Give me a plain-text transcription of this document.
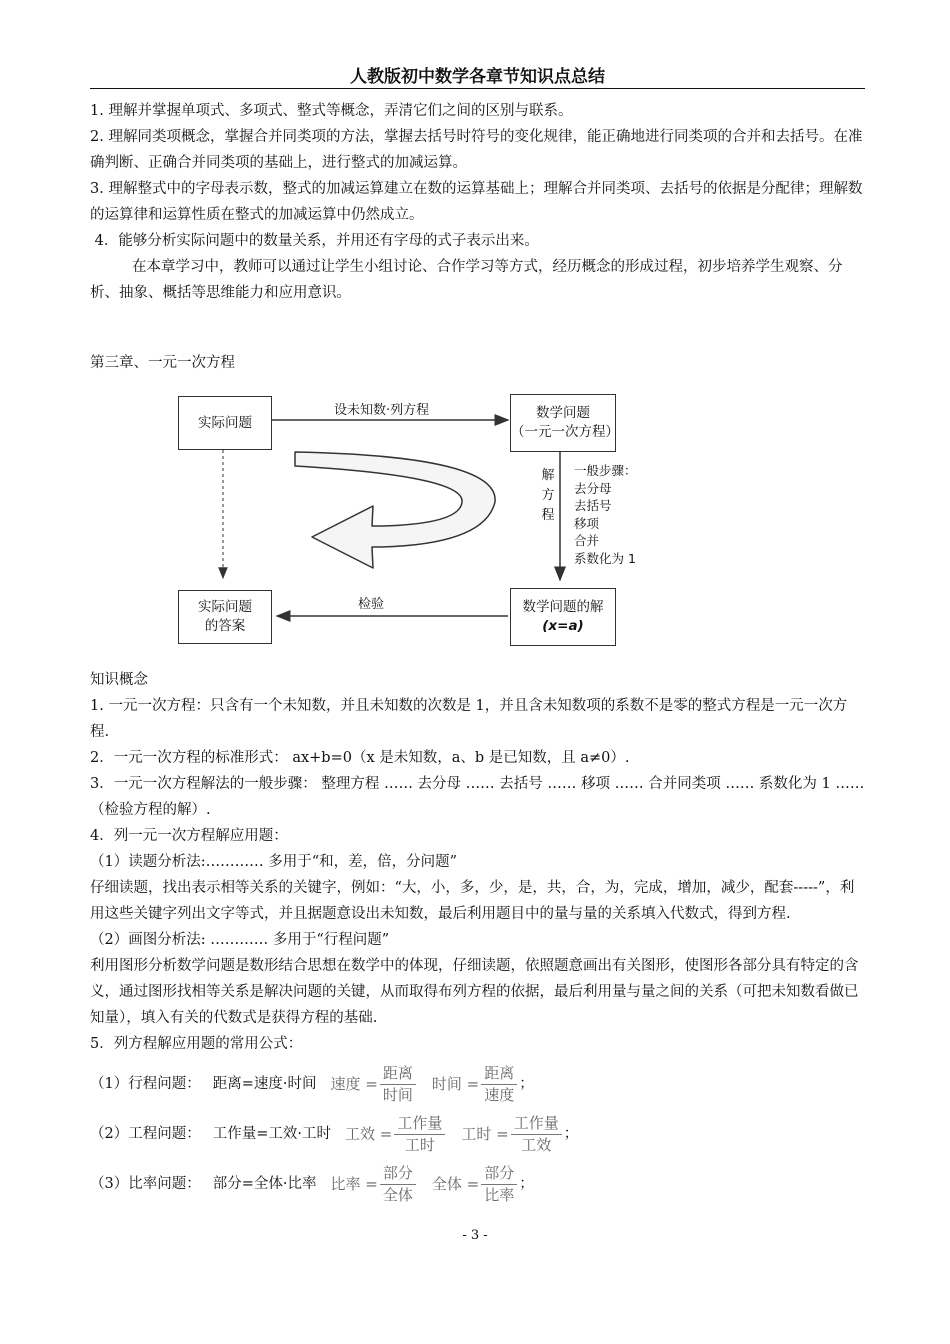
人教版初中数学各章节知识点总结

1. 理解并掌握单项式、多项式、整式等概念，弄清它们之间的区别与联系。

2. 理解同类项概念，掌握合并同类项的方法，掌握去括号时符号的变化规律，能正确地进行同类项的合并和去括号。在准确判断、正确合并同类项的基础上，进行整式的加减运算。

3. 理解整式中的字母表示数，整式的加减运算建立在数的运算基础上；理解合并同类项、去括号的依据是分配律；理解数的运算律和运算性质在整式的加减运算中仍然成立。

4．能够分析实际问题中的数量关系，并用还有字母的式子表示出来。

在本章学习中，教师可以通过让学生小组讨论、合作学习等方式，经历概念的形成过程，初步培养学生观察、分析、抽象、概括等思维能力和应用意识。

第三章、一元一次方程

实际问题
数学问题
（一元一次方程）
实际问题
的答案
数学问题的解
(x=a)
设未知数·列方程
检验
解
方
程
一般步骤：
去分母
去括号
移项
合并
系数化为 1

知识概念

1. 一元一次方程：只含有一个未知数，并且未知数的次数是 1，并且含未知数项的系数不是零的整式方程是一元一次方程.

2．一元一次方程的标准形式： ax+b=0（x 是未知数，a、b 是已知数，且 a≠0）.

3．一元一次方程解法的一般步骤： 整理方程 …… 去分母 …… 去括号 …… 移项 …… 合并同类项 …… 系数化为 1 …… （检验方程的解）.

4．列一元一次方程解应用题：

（1）读题分析法:………… 多用于“和，差，倍，分问题”

仔细读题，找出表示相等关系的关键字，例如：“大，小，多，少，是，共，合，为，完成，增加，减少，配套-----”，利用这些关键字列出文字等式，并且据题意设出未知数，最后利用题目中的量与量的关系填入代数式，得到方程.

（2）画图分析法: ………… 多用于“行程问题”

利用图形分析数学问题是数形结合思想在数学中的体现，仔细读题，依照题意画出有关图形，使图形各部分具有特定的含义，通过图形找相等关系是解决问题的关键，从而取得布列方程的依据，最后利用量与量之间的关系（可把未知数看做已知量），填入有关的代数式是获得方程的基础.

5．列方程解应用题的常用公式：

（1）行程问题： 距离=速度·时间 速度 = $\frac{\text{距离}}{\text{时间}}$ 时间 = $\frac{\text{距离}}{\text{速度}}$ ；
（2）工程问题： 工作量=工效·工时 工效 = $\frac{\text{工作量}}{\text{工时}}$ 工时 = $\frac{\text{工作量}}{\text{工效}}$ ；
（3）比率问题： 部分=全体·比率 比率 = $\frac{\text{部分}}{\text{全体}}$ 全体 = $\frac{\text{部分}}{\text{比率}}$ ；
- 3 -
